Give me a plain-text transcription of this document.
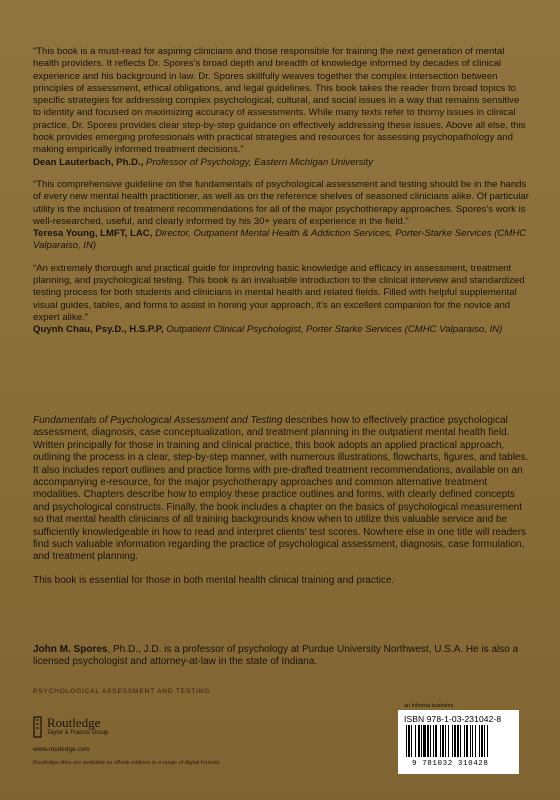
“This book is a must-read for aspiring clinicians and those responsible for training the next generation of mental health providers. It reflects Dr. Spores’s broad depth and breadth of knowledge informed by decades of clinical experience and his background in law. Dr. Spores skillfully weaves together the complex intersection between principles of assessment, ethical obligations, and legal guidelines. This book takes the reader from broad topics to specific strategies for addressing complex psychological, cultural, and social issues in a way that remains sensitive to identity and focused on maximizing accuracy of assessments. While many texts refer to thorny issues in clinical practice, Dr. Spores provides clear step-by-step guidance on effectively addressing these issues. Above all else, this book provides emerging professionals with practical strategies and resources for assessing psychopathology and making empirically informed treatment decisions.”
Dean Lauterbach, Ph.D., Professor of Psychology, Eastern Michigan University
“This comprehensive guideline on the fundamentals of psychological assessment and testing should be in the hands of every new mental health practitioner, as well as on the reference shelves of seasoned clinicians alike. Of particular utility is the inclusion of treatment recommendations for all of the major psychotherapy approaches. Spores’s work is well-researched, useful, and clearly informed by his 30+ years of experience in the field.”
Teresa Young, LMFT, LAC, Director, Outpatient Mental Health & Addiction Services, Porter-Starke Services (CMHC Valparaiso, IN)
“An extremely thorough and practical guide for improving basic knowledge and efficacy in assessment, treatment planning, and psychological testing. This book is an invaluable introduction to the clinical interview and standardized testing process for both students and clinicians in mental health and related fields. Filled with helpful supplemental visual guides, tables, and forms to assist in honing your approach, it’s an excellent companion for the novice and expert alike.”
Quynh Chau, Psy.D., H.S.P.P, Outpatient Clinical Psychologist, Porter Starke Services (CMHC Valparaiso, IN)

Fundamentals of Psychological Assessment and Testing describes how to effectively practice psychological assessment, diagnosis, case conceptualization, and treatment planning in the outpatient mental health field. Written principally for those in training and clinical practice, this book adopts an applied practical approach, outlining the process in a clear, step-by-step manner, with numerous illustrations, flowcharts, figures, and tables. It also includes report outlines and practice forms with pre-drafted treatment recommendations, available on an accompanying e-resource, for the major psychotherapy approaches and common alternative treatment modalities. Chapters describe how to employ these practice outlines and forms, with clearly defined concepts and psychological constructs. Finally, the book includes a chapter on the basics of psychological measurement so that mental health clinicians of all training backgrounds know when to utilize this valuable service and be sufficiently knowledgeable in how to read and interpret clients’ test scores. Nowhere else in one title will readers find such valuable information regarding the practice of psychological assessment, diagnosis, case formulation, and treatment planning.

This book is essential for those in both mental health clinical training and practice.

John M. Spores, Ph.D., J.D. is a professor of psychology at Purdue University Northwest, U.S.A. He is also a licensed psychologist and attorney-at-law in the state of Indiana.
PSYCHOLOGICAL ASSESSMENT AND TESTING
Routledge
Taylor & Francis Group
www.routledge.com
Routledge titles are available as eBook editions in a range of digital formats
an informa business
ISBN 978-1-03-231042-8
9 781032 310428
